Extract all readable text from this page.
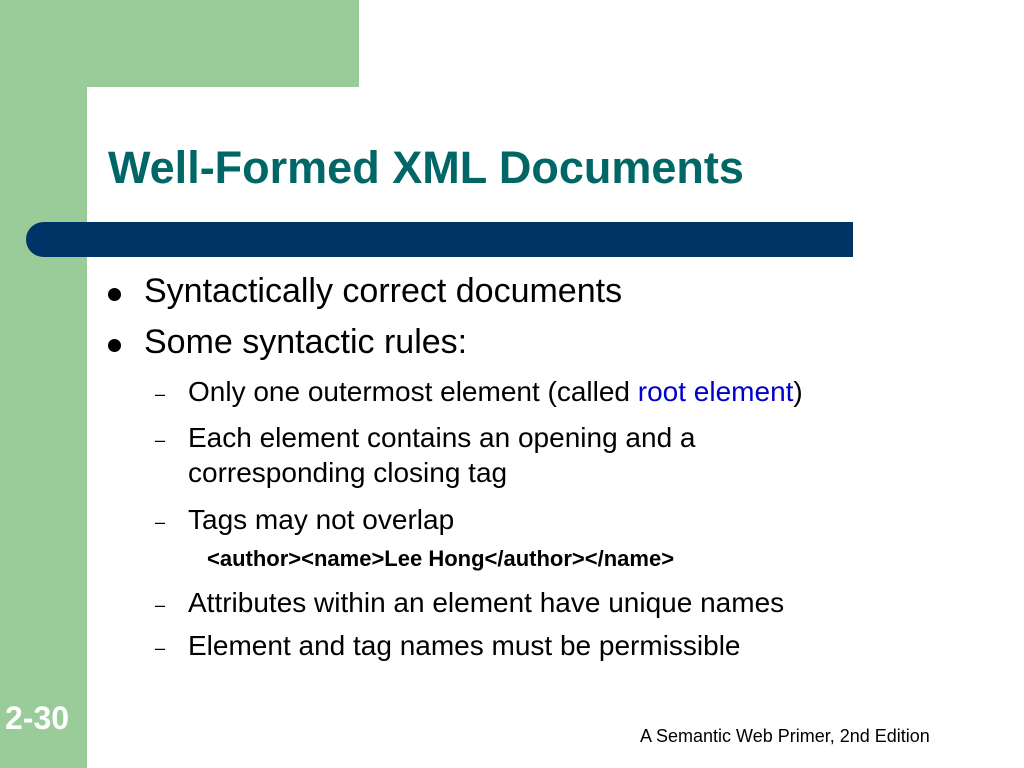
Well-Formed XML Documents
Syntactically correct documents
Some syntactic rules:
– Only one outermost element (called root element)
– Each element contains an opening and a
corresponding closing tag
– Tags may not overlap
<author><name>Lee Hong</author></name>
– Attributes within an element have unique names
– Element and tag names must be permissible
2-30	A Semantic Web Primer, 2nd Edition
